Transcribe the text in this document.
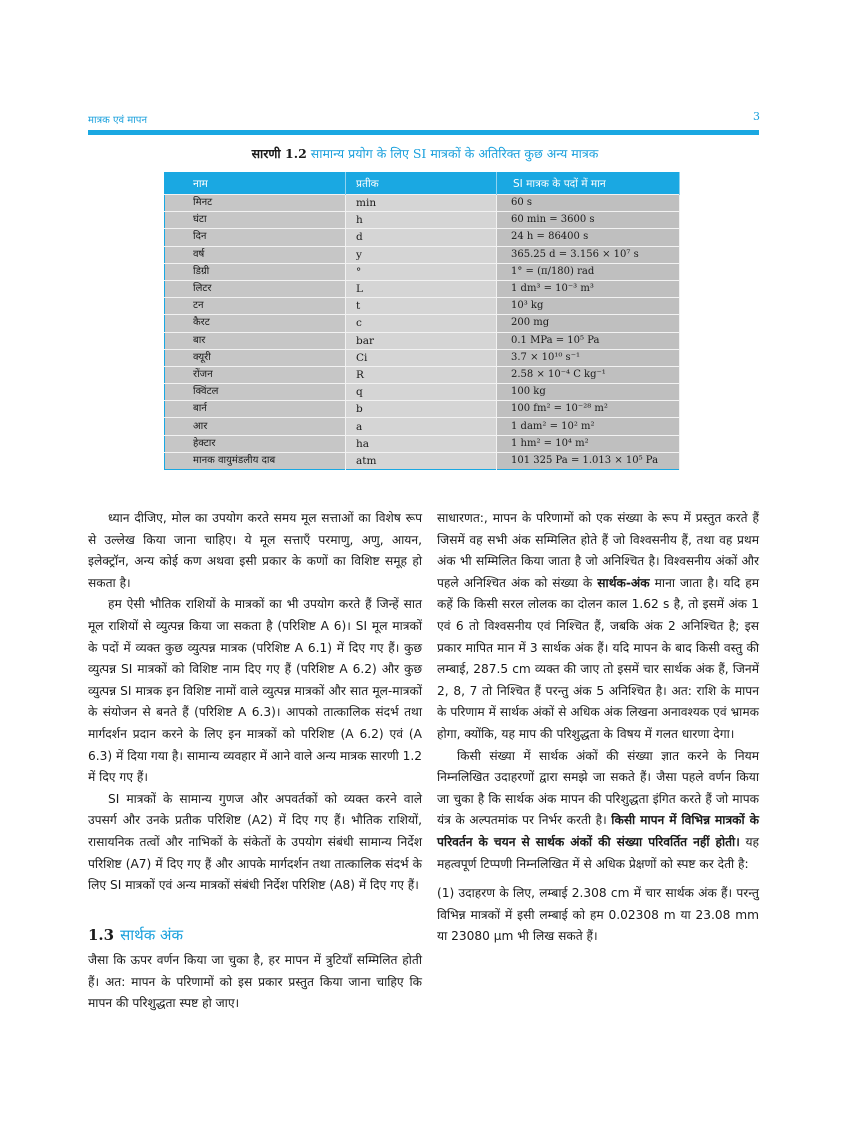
मात्रक एवं मापन	3
सारणी 1.2 सामान्य प्रयोग के लिए SI मात्रकों के अतिरिक्त कुछ अन्य मात्रक
नाम	प्रतीक	SI मात्रक के पदों में मान
मिनट	min	60 s
घंटा	h	60 min = 3600 s
दिन	d	24 h = 86400 s
वर्ष	y	365.25 d = 3.156 × 10⁷ s
डिग्री	°	1° = (π/180) rad
लिटर	L	1 dm³ = 10⁻³ m³
टन	t	10³ kg
कैरट	c	200 mg
बार	bar	0.1 MPa = 10⁵ Pa
क्यूरी	Ci	3.7 × 10¹⁰ s⁻¹
रोंजन	R	2.58 × 10⁻⁴ C kg⁻¹
क्विंटल	q	100 kg
बार्न	b	100 fm² = 10⁻²⁸ m²
आर	a	1 dam² = 10² m²
हेक्टार	ha	1 hm² = 10⁴ m²
मानक वायुमंडलीय दाब	atm	101 325 Pa = 1.013 × 10⁵ Pa

ध्यान दीजिए, मोल का उपयोग करते समय मूल सत्ताओं का विशेष रूप से उल्लेख किया जाना चाहिए। ये मूल सत्ताएँ परमाणु, अणु, आयन, इलेक्ट्रॉन, अन्य कोई कण अथवा इसी प्रकार के कणों का विशिष्ट समूह हो सकता है।

हम ऐसी भौतिक राशियों के मात्रकों का भी उपयोग करते हैं जिन्हें सात मूल राशियों से व्युत्पन्न किया जा सकता है (परिशिष्ट A 6)। SI मूल मात्रकों के पदों में व्यक्त कुछ व्युत्पन्न मात्रक (परिशिष्ट A 6.1) में दिए गए हैं। कुछ व्युत्पन्न SI मात्रकों को विशिष्ट नाम दिए गए हैं (परिशिष्ट A 6.2) और कुछ व्युत्पन्न SI मात्रक इन विशिष्ट नामों वाले व्युत्पन्न मात्रकों और सात मूल-मात्रकों के संयोजन से बनते हैं (परिशिष्ट A 6.3)। आपको तात्कालिक संदर्भ तथा मार्गदर्शन प्रदान करने के लिए इन मात्रकों को परिशिष्ट (A 6.2) एवं (A 6.3) में दिया गया है। सामान्य व्यवहार में आने वाले अन्य मात्रक सारणी 1.2 में दिए गए हैं।

SI मात्रकों के सामान्य गुणज और अपवर्तकों को व्यक्त करने वाले उपसर्ग और उनके प्रतीक परिशिष्ट (A2) में दिए गए हैं। भौतिक राशियों, रासायनिक तत्वों और नाभिकों के संकेतों के उपयोग संबंधी सामान्य निर्देश परिशिष्ट (A7) में दिए गए हैं और आपके मार्गदर्शन तथा तात्कालिक संदर्भ के लिए SI मात्रकों एवं अन्य मात्रकों संबंधी निर्देश परिशिष्ट (A8) में दिए गए हैं।

1.3 सार्थक अंक

जैसा कि ऊपर वर्णन किया जा चुका है, हर मापन में त्रुटियाँ सम्मिलित होती हैं। अत: मापन के परिणामों को इस प्रकार प्रस्तुत किया जाना चाहिए कि मापन की परिशुद्धता स्पष्ट हो जाए।

साधारणत:, मापन के परिणामों को एक संख्या के रूप में प्रस्तुत करते हैं जिसमें वह सभी अंक सम्मिलित होते हैं जो विश्वसनीय हैं, तथा वह प्रथम अंक भी सम्मिलित किया जाता है जो अनिश्चित है। विश्वसनीय अंकों और पहले अनिश्चित अंक को संख्या के सार्थक-अंक माना जाता है। यदि हम कहें कि किसी सरल लोलक का दोलन काल 1.62 s है, तो इसमें अंक 1 एवं 6 तो विश्वसनीय एवं निश्चित हैं, जबकि अंक 2 अनिश्चित है; इस प्रकार मापित मान में 3 सार्थक अंक हैं। यदि मापन के बाद किसी वस्तु की लम्बाई, 287.5 cm व्यक्त की जाए तो इसमें चार सार्थक अंक हैं, जिनमें 2, 8, 7 तो निश्चित हैं परन्तु अंक 5 अनिश्चित है। अत: राशि के मापन के परिणाम में सार्थक अंकों से अधिक अंक लिखना अनावश्यक एवं भ्रामक होगा, क्योंकि, यह माप की परिशुद्धता के विषय में गलत धारणा देगा।

किसी संख्या में सार्थक अंकों की संख्या ज्ञात करने के नियम निम्नलिखित उदाहरणों द्वारा समझे जा सकते हैं। जैसा पहले वर्णन किया जा चुका है कि सार्थक अंक मापन की परिशुद्धता इंगित करते हैं जो मापक यंत्र के अल्पतमांक पर निर्भर करती है। किसी मापन में विभिन्न मात्रकों के परिवर्तन के चयन से सार्थक अंकों की संख्या परिवर्तित नहीं होती। यह महत्वपूर्ण टिप्पणी निम्नलिखित में से अधिक प्रेक्षणों को स्पष्ट कर देती है:

(1) उदाहरण के लिए, लम्बाई 2.308 cm में चार सार्थक अंक हैं। परन्तु विभिन्न मात्रकों में इसी लम्बाई को हम 0.02308 m या 23.08 mm या 23080 μm भी लिख सकते हैं।
